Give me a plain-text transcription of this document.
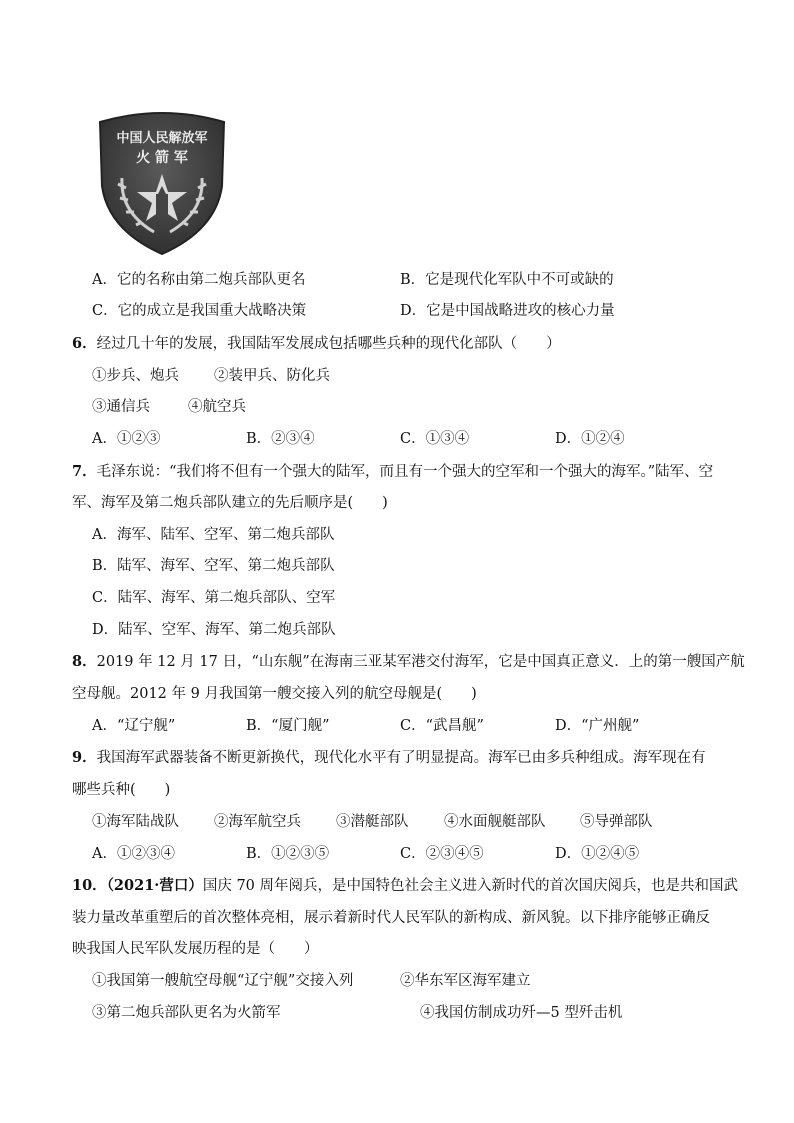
中国人民解放军
火 箭 军
A．它的名称由第二炮兵部队更名	B．它是现代化军队中不可或缺的
C．它的成立是我国重大战略决策	D．它是中国战略进攻的核心力量
6．经过几十年的发展，我国陆军发展成包括哪些兵种的现代化部队（　　）
①步兵、炮兵 ②装甲兵、防化兵
③通信兵	④航空兵
A．①②③	B．②③④	C．①③④	D．①②④
7．毛泽东说：“我们将不但有一个强大的陆军，而且有一个强大的空军和一个强大的海军。”陆军、空
军、海军及第二炮兵部队建立的先后顺序是(　　)
A．海军、陆军、空军、第二炮兵部队
B．陆军、海军、空军、第二炮兵部队
C．陆军、海军、第二炮兵部队、空军
D．陆军、空军、海军、第二炮兵部队
8．2019 年 12 月 17 日，“山东舰”在海南三亚某军港交付海军，它是中国真正意义．上的第一艘国产航
空母舰。2012 年 9 月我国第一艘交接入列的航空母舰是(　　)
A．“辽宁舰”	B．“厦门舰”	C．“武昌舰”	D．“广州舰”
9．我国海军武器装备不断更新换代，现代化水平有了明显提高。海军已由多兵种组成。海军现在有
哪些兵种(　　)
①海军陆战队 ②海军航空兵 ③潜艇部队 ④水面舰艇部队 ⑤导弹部队
A．①②③④	B．①②③⑤	C．②③④⑤	D．①②④⑤
10．（2021·营口）国庆 70 周年阅兵，是中国特色社会主义进入新时代的首次国庆阅兵，也是共和国武
装力量改革重塑后的首次整体亮相，展示着新时代人民军队的新构成、新风貌。以下排序能够正确反
映我国人民军队发展历程的是（　　）
①我国第一艘航空母舰“辽宁舰”交接入列	②华东军区海军建立
③第二炮兵部队更名为火箭军	④我国仿制成功歼—5 型歼击机
